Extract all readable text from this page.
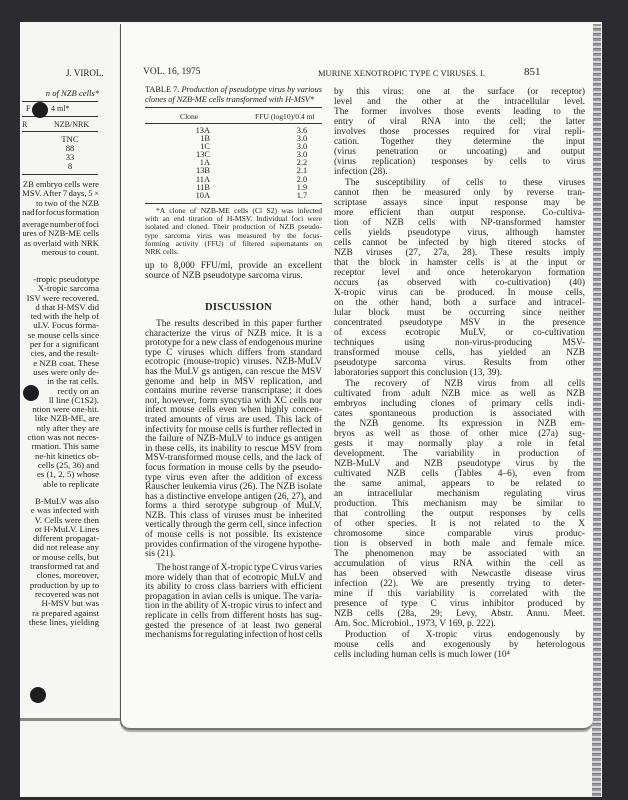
J. VIROL.
n of NZB cells*
F	4 ml*
R	NZB/NRK
TNC
88
33
8
ZB embryo cells were
MSV. After 7 days, 5 ×
to two of the NZB
nad for focus formation
average number of foci
ures of NZB-ME cells
as overlaid with NRK
merous to count.
-tropic pseudotype
X-tropic sarcoma
ISV were recovered.
d that H-MSV did
ted with the help of
uLV. Focus forma-
se mouse cells since
per for a significant
cies, and the result-
e NZB coat. These
uses were only de-
in the rat cells.
rectly on an
ll line (C1S2).
ntion were one-hit.
like NZB-ME, are
ntly after they are
ction was not neces-
rmation. This same
ne-hit kinetics ob-
cells (25, 36) and
es (1, 2, 5) whose
able to replicate
B-MuLV was also
e was infected with
V. Cells were then
ot H-MuLV. Lines
different propagat-
did not release any
or mouse cells, but
transformed rat and
clones, moreover,
production by up to
recovered was not
H-MSV but was
ra prepared against
these lines, yielding
VOL. 16, 1975	MURINE XENOTROPIC TYPE C VIRUSES. I.	851
TABLE 7. Production of pseudotype virus by various
clones of NZB-ME cells transformed with H-MSV*
Clone	FFU (log10)/0.4 ml
13A	3.6
1B	3.0
1C	3.0
13C	3.0
1A	2.2
13B	2.1
11A	2.0
11B	1.9
10A	1.7
*A clone of NZB-ME cells (Cl S2) was infected
with an end titration of H-MSV. Individual foci were
isolated and cloned. Their production of NZB pseudo-
type sarcoma virus was measured by the focus-
forming activity (FFU) of filtered supernatants on
NRK cells.
up to 8,000 FFU/ml, provide an excellent
source of NZB pseudotype sarcoma virus.
DISCUSSION
The results described in this paper further
characterize the virus of NZB mice. It is a
prototype for a new class of endogenous murine
type C viruses which differs from standard
ecotropic (mouse-tropic) viruses. NZB-MuLV
has the MuLV gs antigen, can rescue the MSV
genome and help in MSV replication, and
contains murine reverse transcriptase; it does
not, however, form syncytia with XC cells nor
infect mouse cells even when highly concen-
trated amounts of virus are used. This lack of
infectivity for mouse cells is further reflected in
the failure of NZB-MuLV to induce gs antigen
in these cells, its inability to rescue MSV from
MSV-transformed mouse cells, and the lack of
focus formation in mouse cells by the pseudo-
type virus even after the addition of excess
Rauscher leukemia virus (26). The NZB isolate
has a distinctive envelope antigen (26, 27), and
forms a third serotype subgroup of MuLV,
NZB. This class of viruses must be inherited
vertically through the germ cell, since infection
of mouse cells is not possible. Its existence
provides confirmation of the virogene hypothe-
sis (21).
The host range of X-tropic type C virus varies
more widely than that of ecotropic MuLV and
its ability to cross class barriers with efficient
propagation in avian cells is unique. The varia-
tion in the ability of X-tropic virus to infect and
replicate in cells from different hosts has sug-
gested the presence of at least two general
mechanisms for regulating infection of host cells
by this virus: one at the surface (or receptor)
level and the other at the intracellular level.
The former involves those events leading to the
entry of viral RNA into the cell; the latter
involves those processes required for viral repli-
cation. Together they determine the input
(virus penetration or uncoating) and output
(virus replication) responses by cells to virus
infection (28).
The susceptibility of cells to these viruses
cannot then be measured only by reverse tran-
scriptase assays since input response may be
more efficient than output response. Co-cultiva-
tion of NZB cells with NP-transformed hamster
cells yields pseudotype virus, although hamster
cells cannot be infected by high titered stocks of
NZB viruses (27, 27a, 28). These results imply
that the block in hamster cells is at the input or
receptor level and once heterokaryon formation
occurs (as observed with co-cultivation) (40)
X-tropic virus can be produced. In mouse cells,
on the other hand, both a surface and intracel-
lular block must be occurring since neither
concentrated pseudotype MSV in the presence
of excess ecotropic MuLV, or co-cultivation
techniques using non-virus-producing MSV-
transformed mouse cells, has yielded an NZB
pseudotype sarcoma virus. Results from other
laboratories support this conclusion (13, 39).
The recovery of NZB virus from all cells
cultivated from adult NZB mice as well as NZB
embryos including clones of primary cells indi-
cates spontaneous production is associated with
the NZB genome. Its expression in NZB em-
bryos as well as those of other mice (27a) sug-
gests it may normally play a role in fetal
development. The variability in production of
NZB-MuLV and NZB pseudotype virus by the
cultivated NZB cells (Tables 4–6), even from
the same animal, appears to be related to
an intracellular mechanism regulating virus
production. This mechanism may be similar to
that controlling the output responses by cells
of other species. It is not related to the X
chromosome since comparable virus produc-
tion is observed in both male and female mice.
The phenomenon may be associated with an
accumulation of virus RNA within the cell as
has been observed with Newcastle disease virus
infection (22). We are presently trying to deter-
mine if this variability is correlated with the
presence of type C virus inhibitor produced by
NZB cells (28a, 29; Levy, Abstr. Annu. Meet.
Am. Soc. Microbiol., 1973, V 169, p. 222).
Production of X-tropic virus endogenously by
mouse cells and exogenously by heterologous
cells including human cells is much lower (10⁴
